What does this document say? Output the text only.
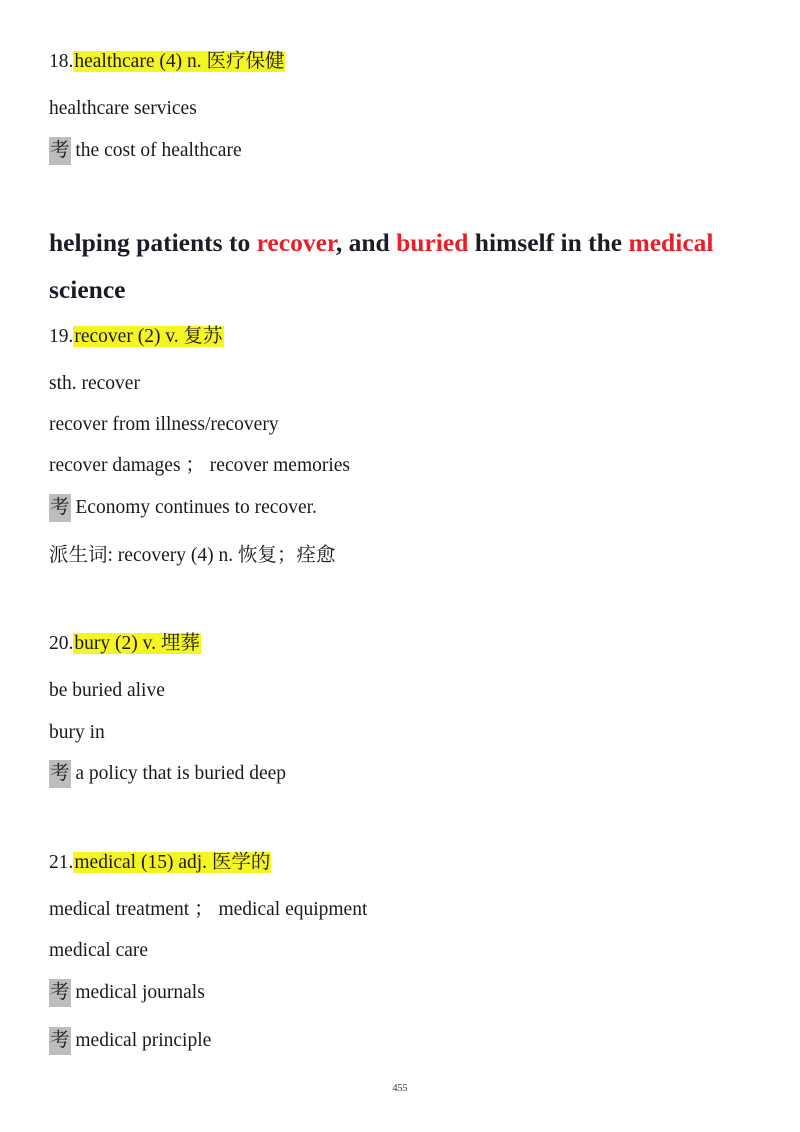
18.healthcare (4) n. 医疗保健
healthcare services
考 the cost of healthcare
helping patients to recover, and buried himself in the medical science
19.recover (2) v. 复苏
sth. recover
recover from illness/recovery
recover damages ； recover memories
考 Economy continues to recover.
派生词: recovery (4) n. 恢复；痊愈
20.bury (2) v. 埋葬
be buried alive
bury in
考 a policy that is buried deep
21.medical (15) adj. 医学的
medical treatment ； medical equipment
medical care
考 medical journals
考 medical principle
455
